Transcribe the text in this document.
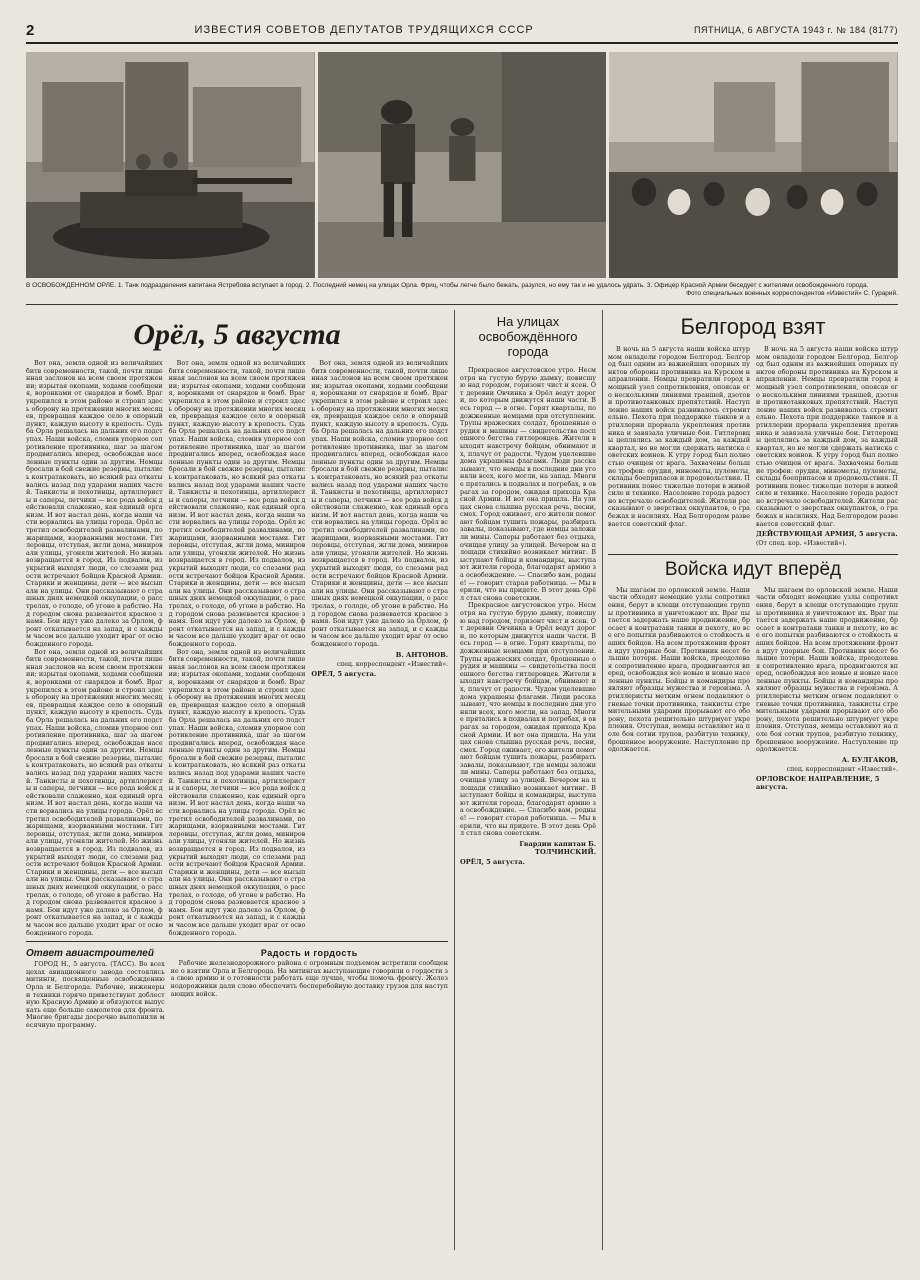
2	ИЗВЕСТИЯ СОВЕТОВ ДЕПУТАТОВ ТРУДЯЩИХСЯ СССР	ПЯТНИЦА, 6 АВГУСТА 1943 г. № 184 (8177)
В ОСВОБОЖДЕННОМ ОРЛЕ. 1. Танк подразделения капитана Ястребова вступает в город. 2. Последний немец на улицах Орла. Фриц, чтобы легче было бежать, разулся, но ему так и не удалось удрать. 3. Офицер Красной Армии беседует с жителями освобожденного города.
Фото специальных военных корреспондентов «Известий» С. Гурарий.
Орёл, 5 августа

Вот она, земля одной из величайших битв современности, такой, почти лишенная заслонов на всем своем протяжении; изрытая окопами, ходами сообщения, воронками от снарядов и бомб. Враг укрепился в этом районе и строил здесь оборону на протяжении многих месяцев, превращая каждое село в опорный пункт, каждую высоту в крепость. Судьба Орла решалась на дальних его подступах. Наши войска, сломив упорное сопротивление противника, шаг за шагом продвигались вперед, освобождая населенные пункты один за другим. Немцы бросали в бой свежие резервы, пытались контратаковать, но всякий раз откатывались назад под ударами наших частей. Танкисты и пехотинцы, артиллеристы и саперы, летчики — все рода войск действовали слаженно, как единый организм. И вот настал день, когда наши части ворвались на улицы города. Орёл встретил освободителей развалинами, пожарищами, взорванными мостами. Гитлеровцы, отступая, жгли дома, минировали улицы, угоняли жителей. Но жизнь возвращается в город. Из подвалов, из укрытий выходят люди, со слезами радости встречают бойцов Красной Армии. Старики и женщины, дети — все высыпали на улицы. Они рассказывают о страшных днях немецкой оккупации, о расстрелах, о голоде, об угоне в рабство. Над городом снова развевается красное знамя. Бои идут уже далеко за Орлом, фронт откатывается на запад, и с каждым часом все дальше уходит враг от освобожденного города.

Вот она, земля одной из величайших битв современности, такой, почти лишенная заслонов на всем своем протяжении; изрытая окопами, ходами сообщения, воронками от снарядов и бомб. Враг укрепился в этом районе и строил здесь оборону на протяжении многих месяцев, превращая каждое село в опорный пункт, каждую высоту в крепость. Судьба Орла решалась на дальних его подступах. Наши войска, сломив упорное сопротивление противника, шаг за шагом продвигались вперед, освобождая населенные пункты один за другим. Немцы бросали в бой свежие резервы, пытались контратаковать, но всякий раз откатывались назад под ударами наших частей. Танкисты и пехотинцы, артиллеристы и саперы, летчики — все рода войск действовали слаженно, как единый организм. И вот настал день, когда наши части ворвались на улицы города. Орёл встретил освободителей развалинами, пожарищами, взорванными мостами. Гитлеровцы, отступая, жгли дома, минировали улицы, угоняли жителей. Но жизнь возвращается в город. Из подвалов, из укрытий выходят люди, со слезами радости встречают бойцов Красной Армии. Старики и женщины, дети — все высыпали на улицы. Они рассказывают о страшных днях немецкой оккупации, о расстрелах, о голоде, об угоне в рабство. Над городом снова развевается красное знамя. Бои идут уже далеко за Орлом, фронт откатывается на запад, и с каждым часом все дальше уходит враг от освобожденного города.

Вот она, земля одной из величайших битв современности, такой, почти лишенная заслонов на всем своем протяжении; изрытая окопами, ходами сообщения, воронками от снарядов и бомб. Враг укрепился в этом районе и строил здесь оборону на протяжении многих месяцев, превращая каждое село в опорный пункт, каждую высоту в крепость. Судьба Орла решалась на дальних его подступах. Наши войска, сломив упорное сопротивление противника, шаг за шагом продвигались вперед, освобождая населенные пункты один за другим. Немцы бросали в бой свежие резервы, пытались контратаковать, но всякий раз откатывались назад под ударами наших частей. Танкисты и пехотинцы, артиллеристы и саперы, летчики — все рода войск действовали слаженно, как единый организм. И вот настал день, когда наши части ворвались на улицы города. Орёл встретил освободителей развалинами, пожарищами, взорванными мостами. Гитлеровцы, отступая, жгли дома, минировали улицы, угоняли жителей. Но жизнь возвращается в город. Из подвалов, из укрытий выходят люди, со слезами радости встречают бойцов Красной Армии. Старики и женщины, дети — все высыпали на улицы. Они рассказывают о страшных днях немецкой оккупации, о расстрелах, о голоде, об угоне в рабство. Над городом снова развевается красное знамя. Бои идут уже далеко за Орлом, фронт откатывается на запад, и с каждым часом все дальше уходит враг от освобожденного города.

Вот она, земля одной из величайших битв современности, такой, почти лишенная заслонов на всем своем протяжении; изрытая окопами, ходами сообщения, воронками от снарядов и бомб. Враг укрепился в этом районе и строил здесь оборону на протяжении многих месяцев, превращая каждое село в опорный пункт, каждую высоту в крепость. Судьба Орла решалась на дальних его подступах. Наши войска, сломив упорное сопротивление противника, шаг за шагом продвигались вперед, освобождая населенные пункты один за другим. Немцы бросали в бой свежие резервы, пытались контратаковать, но всякий раз откатывались назад под ударами наших частей. Танкисты и пехотинцы, артиллеристы и саперы, летчики — все рода войск действовали слаженно, как единый организм. И вот настал день, когда наши части ворвались на улицы города. Орёл встретил освободителей развалинами, пожарищами, взорванными мостами. Гитлеровцы, отступая, жгли дома, минировали улицы, угоняли жителей. Но жизнь возвращается в город. Из подвалов, из укрытий выходят люди, со слезами радости встречают бойцов Красной Армии. Старики и женщины, дети — все высыпали на улицы. Они рассказывают о страшных днях немецкой оккупации, о расстрелах, о голоде, об угоне в рабство. Над городом снова развевается красное знамя. Бои идут уже далеко за Орлом, фронт откатывается на запад, и с каждым часом все дальше уходит враг от освобожденного города.

Вот она, земля одной из величайших битв современности, такой, почти лишенная заслонов на всем своем протяжении; изрытая окопами, ходами сообщения, воронками от снарядов и бомб. Враг укрепился в этом районе и строил здесь оборону на протяжении многих месяцев, превращая каждое село в опорный пункт, каждую высоту в крепость. Судьба Орла решалась на дальних его подступах. Наши войска, сломив упорное сопротивление противника, шаг за шагом продвигались вперед, освобождая населенные пункты один за другим. Немцы бросали в бой свежие резервы, пытались контратаковать, но всякий раз откатывались назад под ударами наших частей. Танкисты и пехотинцы, артиллеристы и саперы, летчики — все рода войск действовали слаженно, как единый организм. И вот настал день, когда наши части ворвались на улицы города. Орёл встретил освободителей развалинами, пожарищами, взорванными мостами. Гитлеровцы, отступая, жгли дома, минировали улицы, угоняли жителей. Но жизнь возвращается в город. Из подвалов, из укрытий выходят люди, со слезами радости встречают бойцов Красной Армии. Старики и женщины, дети — все высыпали на улицы. Они рассказывают о страшных днях немецкой оккупации, о расстрелах, о голоде, об угоне в рабство. Над городом снова развевается красное знамя. Бои идут уже далеко за Орлом, фронт откатывается на запад, и с каждым часом все дальше уходит враг от освобожденного города.

В. АНТОНОВ.

спец. корреспондент «Известий».

ОРЁЛ, 5 августа.

Ответ авиастроителей

ГОРОД Н., 5 августа. (ТАСС). Во всех цехах авиационного завода состоялись митинги, посвященные освобождению Орла и Белгорода. Рабочие, инженеры и техники горячо приветствуют доблестную Красную Армию и обязуются выпускать еще больше самолетов для фронта. Многие бригады досрочно выполнили месячную программу.

Радость и гордость

Рабочие железнодорожного района с огромным подъемом встретили сообщение о взятии Орла и Белгорода. На митингах выступающие говорили о гордости за свою армию и о готовности работать еще лучше, чтобы помочь фронту. Железнодорожники дали слово обеспечить бесперебойную доставку грузов для наступающих войск.

На улицах освобождённого города

Прекрасное августовское утро. Несмотря на густую бурую дымку, повисшую над городом, горизонт чист и ясен. От деревни Овчинка в Орёл ведут дороги, по которым движутся наши части. Весь город — в огне. Горят кварталы, подожженные немцами при отступлении. Трупы вражеских солдат, брошенные орудия и машины — свидетельства поспешного бегства гитлеровцев. Жители выходят навстречу бойцам, обнимают их, плачут от радости. Чудом уцелевшие дома украшены флагами. Люди рассказывают, что немцы в последние дни угоняли всех, кого могли, на запад. Многие прятались в подвалах и погребах, в оврагах за городом, ожидая прихода Красной Армии. И вот она пришла. На улицах снова слышна русская речь, песни, смех. Город оживает, его жители помогают бойцам тушить пожары, разбирать завалы, показывают, где немцы заложили мины. Саперы работают без отдыха, очищая улицу за улицей. Вечером на площади стихийно возникает митинг. Выступают бойцы и командиры, выступают жители города, благодарят армию за освобождение. — Спасибо вам, родные! — говорит старая работница. — Мы верили, что вы придете. В этот день Орёл стал снова советским.

Прекрасное августовское утро. Несмотря на густую бурую дымку, повисшую над городом, горизонт чист и ясен. От деревни Овчинка в Орёл ведут дороги, по которым движутся наши части. Весь город — в огне. Горят кварталы, подожженные немцами при отступлении. Трупы вражеских солдат, брошенные орудия и машины — свидетельства поспешного бегства гитлеровцев. Жители выходят навстречу бойцам, обнимают их, плачут от радости. Чудом уцелевшие дома украшены флагами. Люди рассказывают, что немцы в последние дни угоняли всех, кого могли, на запад. Многие прятались в подвалах и погребах, в оврагах за городом, ожидая прихода Красной Армии. И вот она пришла. На улицах снова слышна русская речь, песни, смех. Город оживает, его жители помогают бойцам тушить пожары, разбирать завалы, показывают, где немцы заложили мины. Саперы работают без отдыха, очищая улицу за улицей. Вечером на площади стихийно возникает митинг. Выступают бойцы и командиры, выступают жители города, благодарят армию за освобождение. — Спасибо вам, родные! — говорит старая работница. — Мы верили, что вы придете. В этот день Орёл стал снова советским.

Гвардии капитан Б. ТОЛЧИНСКИЙ.

ОРЁЛ, 5 августа.

Белгород взят

В ночь на 5 августа наши войска штурмом овладели городом Белгород. Белгород был одним из важнейших опорных пунктов обороны противника на Курском направлении. Немцы превратили город в мощный узел сопротивления, опоясав его несколькими линиями траншей, дзотов и противотанковых препятствий. Наступление наших войск развивалось стремительно. Пехота при поддержке танков и артиллерии прорвала укрепления противника и завязала уличные бои. Гитлеровцы цеплялись за каждый дом, за каждый квартал, но не могли сдержать натиска советских воинов. К утру город был полностью очищен от врага. Захвачены большие трофеи: орудия, минометы, пулеметы, склады боеприпасов и продовольствия. Противник понес тяжелые потери в живой силе и технике. Население города радостно встречало освободителей. Жители рассказывают о зверствах оккупантов, о грабежах и насилиях. Над Белгородом развевается советский флаг.

В ночь на 5 августа наши войска штурмом овладели городом Белгород. Белгород был одним из важнейших опорных пунктов обороны противника на Курском направлении. Немцы превратили город в мощный узел сопротивления, опоясав его несколькими линиями траншей, дзотов и противотанковых препятствий. Наступление наших войск развивалось стремительно. Пехота при поддержке танков и артиллерии прорвала укрепления противника и завязала уличные бои. Гитлеровцы цеплялись за каждый дом, за каждый квартал, но не могли сдержать натиска советских воинов. К утру город был полностью очищен от врага. Захвачены большие трофеи: орудия, минометы, пулеметы, склады боеприпасов и продовольствия. Противник понес тяжелые потери в живой силе и технике. Население города радостно встречало освободителей. Жители рассказывают о зверствах оккупантов, о грабежах и насилиях. Над Белгородом развевается советский флаг.

ДЕЙСТВУЮЩАЯ АРМИЯ, 5 августа.

(От спец. кор. «Известий»).

Войска идут вперёд

Мы шагаем по орловской земле. Наши части обходят немецкие узлы сопротивления, берут в клещи отступающие группы противника и уничтожают их. Враг пытается задержать наше продвижение, бросает в контратаки танки и пехоту, но все его попытки разбиваются о стойкость наших бойцов. На всем протяжении фронта идут упорные бои. Противник несет большие потери. Наши войска, преодолевая сопротивление врага, продвигаются вперед, освобождая все новые и новые населенные пункты. Бойцы и командиры проявляют образцы мужества и героизма. Артиллеристы метким огнем подавляют огневые точки противника, танкисты стремительными ударами прорывают его оборону, пехота решительно штурмует укрепления. Отступая, немцы оставляют на поле боя сотни трупов, разбитую технику, брошенное вооружение. Наступление продолжается.

Мы шагаем по орловской земле. Наши части обходят немецкие узлы сопротивления, берут в клещи отступающие группы противника и уничтожают их. Враг пытается задержать наше продвижение, бросает в контратаки танки и пехоту, но все его попытки разбиваются о стойкость наших бойцов. На всем протяжении фронта идут упорные бои. Противник несет большие потери. Наши войска, преодолевая сопротивление врага, продвигаются вперед, освобождая все новые и новые населенные пункты. Бойцы и командиры проявляют образцы мужества и героизма. Артиллеристы метким огнем подавляют огневые точки противника, танкисты стремительными ударами прорывают его оборону, пехота решительно штурмует укрепления. Отступая, немцы оставляют на поле боя сотни трупов, разбитую технику, брошенное вооружение. Наступление продолжается.

А. БУЛГАКОВ,

спец. корреспондент «Известий».

ОРЛОВСКОЕ НАПРАВЛЕНИЕ, 5 августа.
